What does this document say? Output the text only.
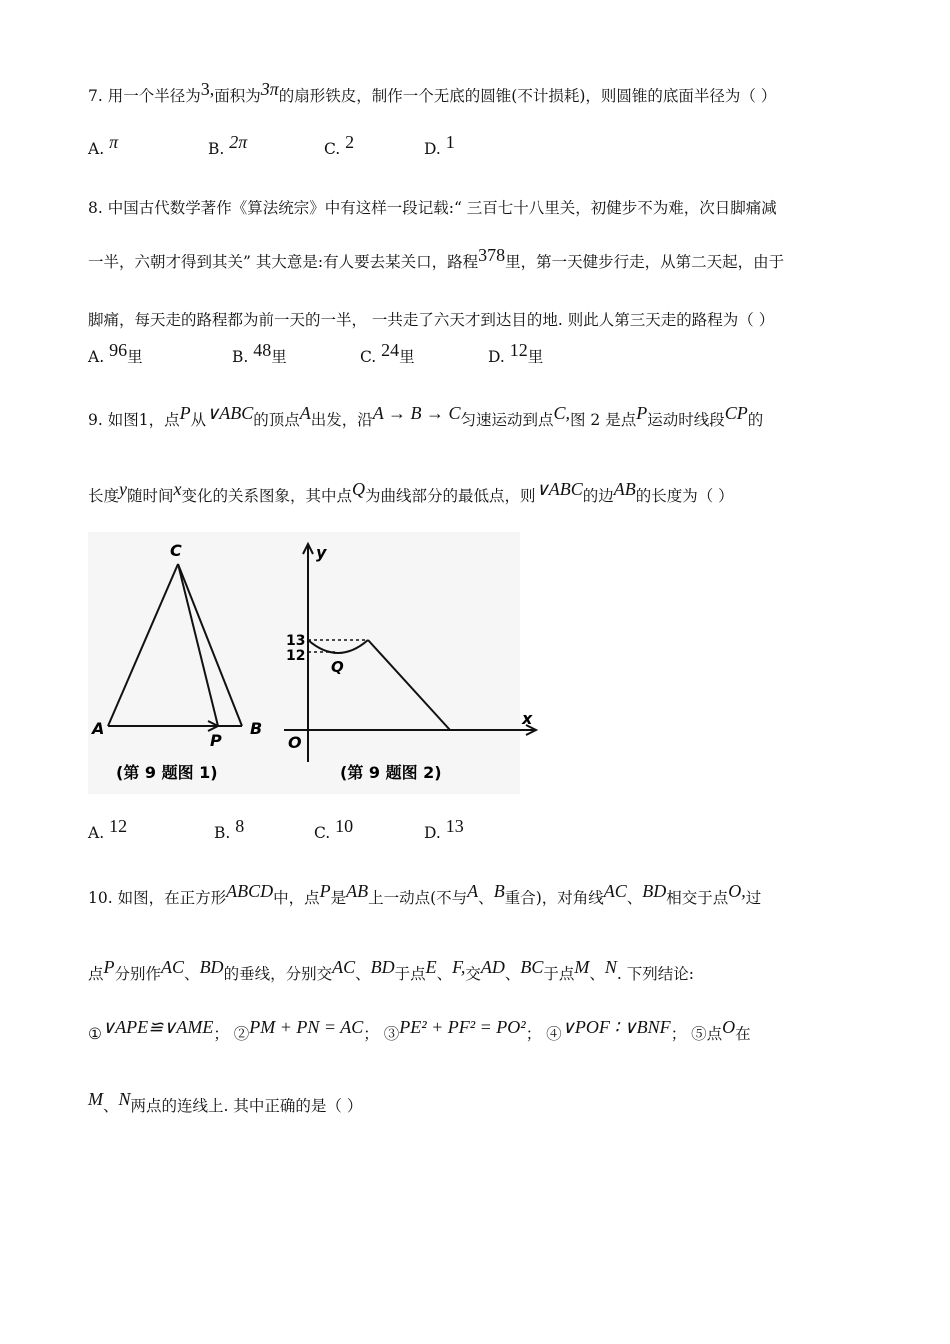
7. 用一个半径为3,面积为3π的扇形铁皮，制作一个无底的圆锥(不计损耗)，则圆锥的底面半径为（ ）
A. π	B. 2π	C. 2	D. 1
8. 中国古代数学著作《算法统宗》中有这样一段记载:“ 三百七十八里关，初健步不为难，次日脚痛减
一半，六朝才得到其关” 其大意是:有人要去某关口，路程378里，第一天健步行走，从第二天起，由于
脚痛，每天走的路程都为前一天的一半， 一共走了六天才到达目的地. 则此人第三天走的路程为（ ）
A. 96里	B. 48里	C. 24里	D. 12里
9. 如图1，点P从∨ABC的顶点A出发，沿A → B → C匀速运动到点C,图 2 是点P运动时线段CP的
长度y随时间x变化的关系图象，其中点Q为曲线部分的最低点，则∨ABC的边AB的长度为（ ）
C
A
P
B
(第 9 题图 1)
y
x
O
13
12
Q
(第 9 题图 2)
A. 12	B. 8	C. 10	D. 13
10. 如图，在正方形ABCD中，点P是AB上一动点(不与A、B重合)，对角线AC、BD相交于点O,过
点P分别作AC、BD的垂线，分别交AC、BD于点E、F,交AD、BC于点M、N. 下列结论:
①∨APE≌∨AME； ②PM + PN = AC； ③PE² + PF² = PO²； ④∨POF ∶ ∨BNF； ⑤点O在
M、N两点的连线上. 其中正确的是（ ）
